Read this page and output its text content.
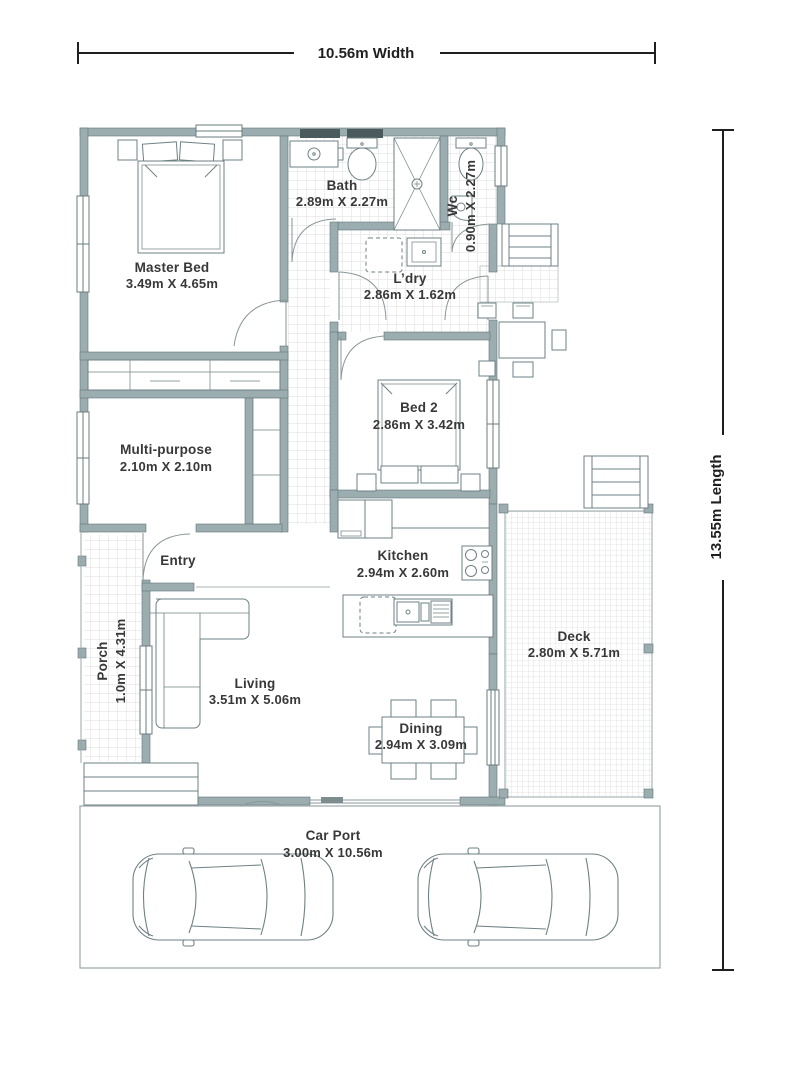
Master Bed
3.49m X 4.65m
Bath
2.89m X 2.27m	Wc 0.90m X 2.27m
L’dry
2.86m X 1.62m
Bed 2
2.86m X 3.42m
Multi-purpose
2.10m X 2.10m
Entry	Kitchen
2.94m X 2.60m
Porch 1.0m X 4.31m	Living
3.51m X 5.06m
Dining
2.94m X 3.09m
Deck
2.80m X 5.71m
Car Port
3.00m X 10.56m
10.56m Width
13.55m Length
